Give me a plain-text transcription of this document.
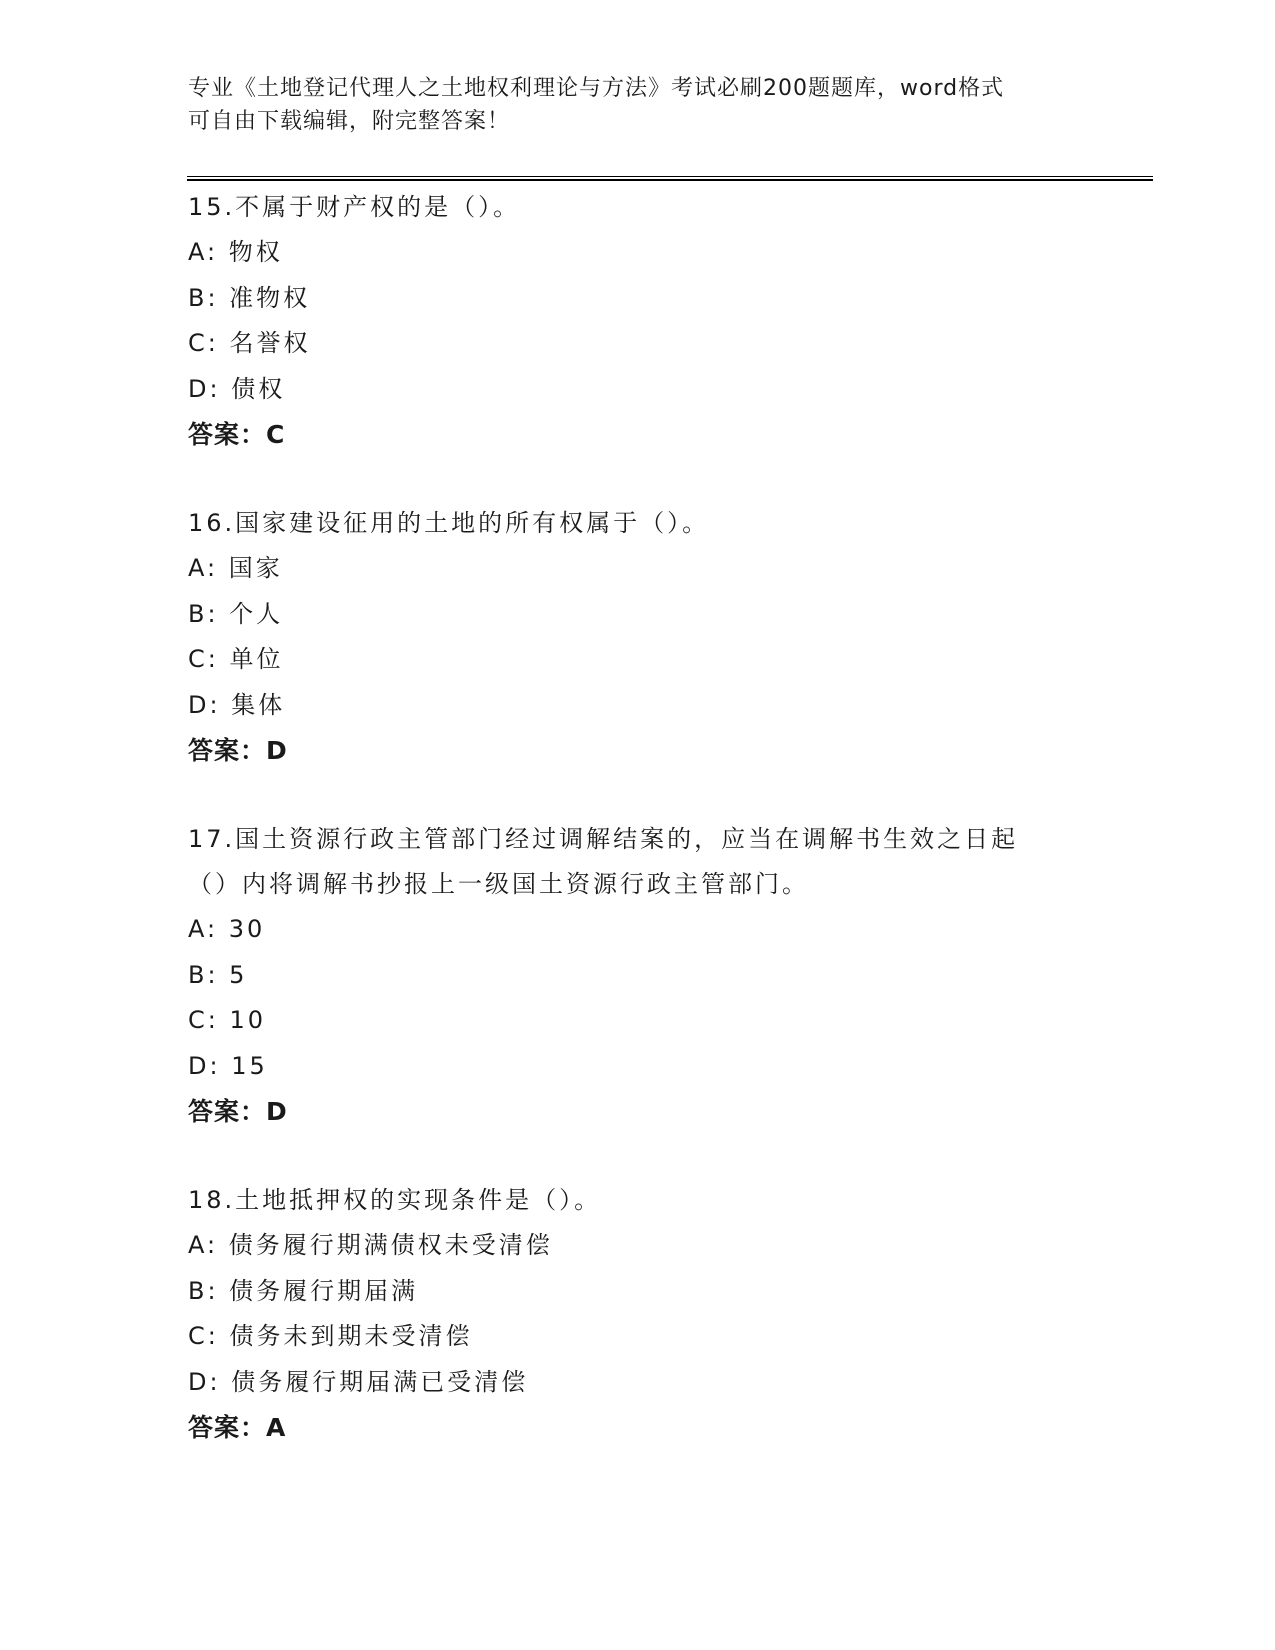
专业《土地登记代理人之土地权利理论与方法》考试必刷200题题库，word格式
可自由下载编辑，附完整答案！

15.不属于财产权的是（）。

A: 物权

B: 准物权

C: 名誉权

D: 债权

答案：C

16.国家建设征用的土地的所有权属于（）。

A: 国家

B: 个人

C: 单位

D: 集体

答案：D

17.国土资源行政主管部门经过调解结案的，应当在调解书生效之日起

（）内将调解书抄报上一级国土资源行政主管部门。

A: 30

B: 5

C: 10

D: 15

答案：D

18.土地抵押权的实现条件是（）。

A: 债务履行期满债权未受清偿

B: 债务履行期届满

C: 债务未到期未受清偿

D: 债务履行期届满已受清偿

答案：A
